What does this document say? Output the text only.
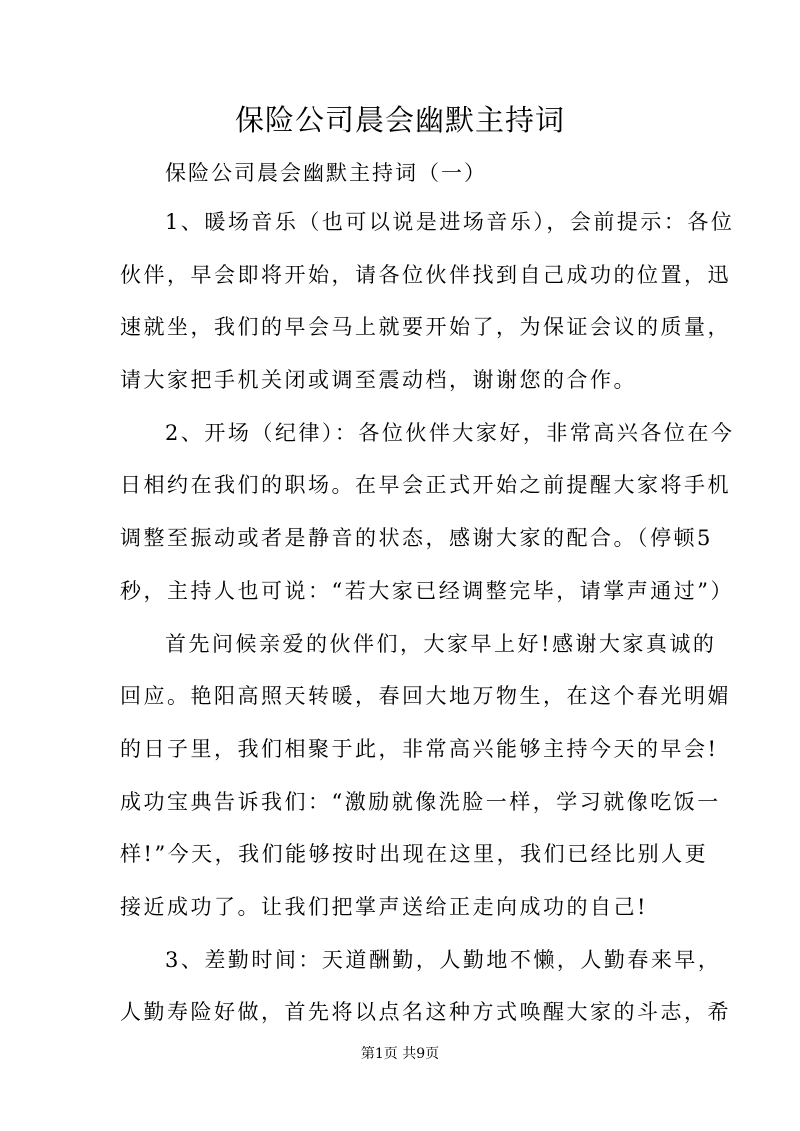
保险公司晨会幽默主持词

保险公司晨会幽默主持词（一）

1、暖场音乐（也可以说是进场音乐），会前提示：各位
伙伴，早会即将开始，请各位伙伴找到自己成功的位置，迅
速就坐，我们的早会马上就要开始了，为保证会议的质量，
请大家把手机关闭或调至震动档，谢谢您的合作。
2、开场（纪律）：各位伙伴大家好，非常高兴各位在今
日相约在我们的职场。在早会正式开始之前提醒大家将手机
调整至振动或者是静音的状态，感谢大家的配合。（停顿5
秒，主持人也可说：“若大家已经调整完毕，请掌声通过”）
首先问候亲爱的伙伴们，大家早上好!感谢大家真诚的
回应。艳阳高照天转暖，春回大地万物生，在这个春光明媚
的日子里，我们相聚于此，非常高兴能够主持今天的早会!
成功宝典告诉我们：“激励就像洗脸一样，学习就像吃饭一
样!”今天，我们能够按时出现在这里，我们已经比别人更
接近成功了。让我们把掌声送给正走向成功的自己!
3、差勤时间：天道酬勤，人勤地不懒，人勤春来早，
人勤寿险好做，首先将以点名这种方式唤醒大家的斗志，希

第1页 共9页
